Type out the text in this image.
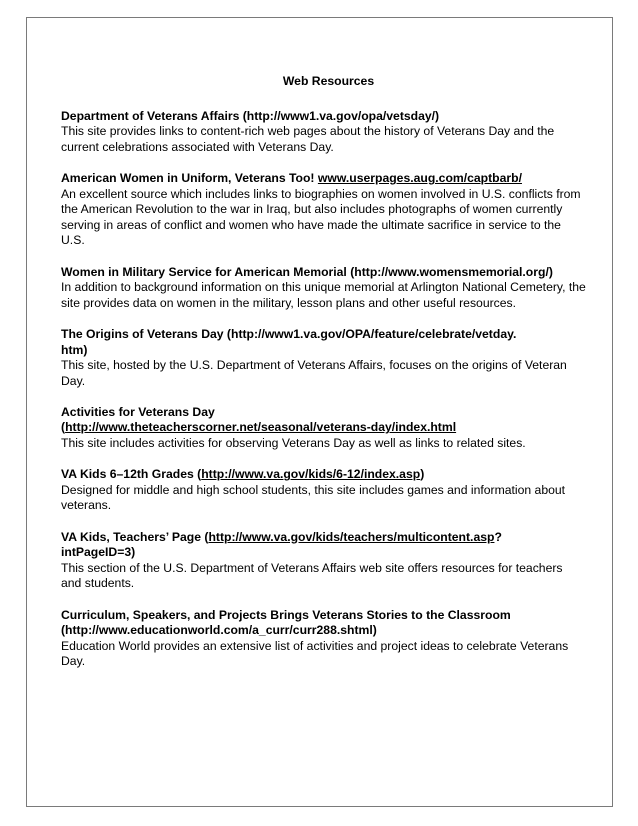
Web Resources
Department of Veterans Affairs (http://www1.va.gov/opa/vetsday/)
This site provides links to content-rich web pages about the history of Veterans Day and the current celebrations associated with Veterans Day.
American Women in Uniform, Veterans Too! www.userpages.aug.com/captbarb/
An excellent source which includes links to biographies on women involved in U.S. conflicts from the American Revolution to the war in Iraq, but also includes photographs of women currently serving in areas of conflict and women who have made the ultimate sacrifice in service to the U.S.
Women in Military Service for American Memorial (http://www.womensmemorial.org/)
In addition to background information on this unique memorial at Arlington National Cemetery, the site provides data on women in the military, lesson plans and other useful resources.
The Origins of Veterans Day (http://www1.va.gov/OPA/feature/celebrate/vetday.
htm)
This site, hosted by the U.S. Department of Veterans Affairs, focuses on the origins of Veteran Day.
Activities for Veterans Day
(http://www.theteacherscorner.net/seasonal/veterans-day/index.html
This site includes activities for observing Veterans Day as well as links to related sites.
VA Kids 6–12th Grades (http://www.va.gov/kids/6-12/index.asp)
Designed for middle and high school students, this site includes games and information about veterans.
VA Kids, Teachers’ Page (http://www.va.gov/kids/teachers/multicontent.asp?
intPageID=3)
This section of the U.S. Department of Veterans Affairs web site offers resources for teachers and students.
Curriculum, Speakers, and Projects Brings Veterans Stories to the Classroom
(http://www.educationworld.com/a_curr/curr288.shtml)
Education World provides an extensive list of activities and project ideas to celebrate Veterans Day.
